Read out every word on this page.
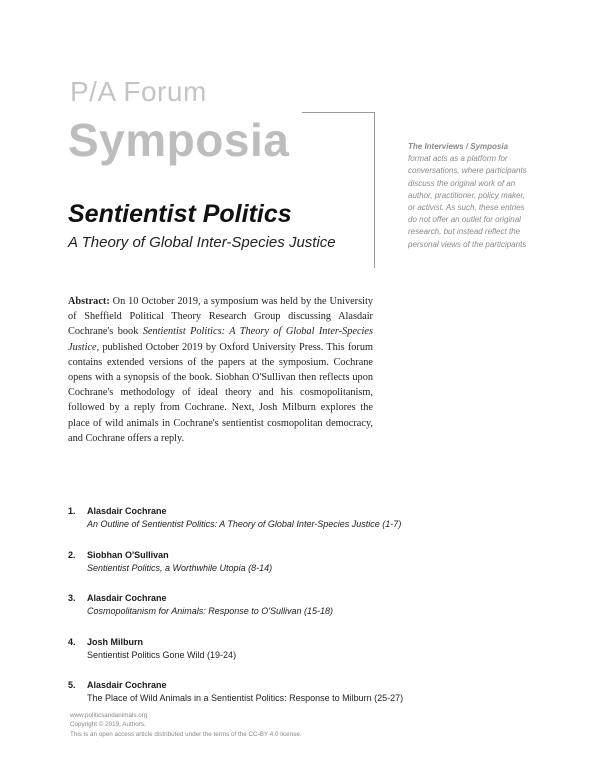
P/A Forum
Symposia	The Interviews / Symposia format acts as a platform for conversations, where participants discuss the original work of an author, practitioner, policy maker, or activist. As such, these entries do not offer an outlet for original research, but instead reflect the personal views of the participants
Sentientist Politics
A Theory of Global Inter-Species Justice
Abstract: On 10 October 2019, a symposium was held by the University of Sheffield Political Theory Research Group discussing Alasdair Cochrane's book Sentientist Politics: A Theory of Global Inter-Species Justice, published October 2019 by Oxford University Press. This forum contains extended versions of the papers at the symposium. Cochrane opens with a synopsis of the book. Siobhan O'Sullivan then reflects upon Cochrane's methodology of ideal theory and his cosmopolitanism, followed by a reply from Cochrane. Next, Josh Milburn explores the place of wild animals in Cochrane's sentientist cosmopolitan democracy, and Cochrane offers a reply.
1. Alasdair Cochrane
An Outline of Sentientist Politics: A Theory of Global Inter-Species Justice (1-7)
2. Siobhan O'Sullivan
Sentientist Politics, a Worthwhile Utopia (8-14)
3. Alasdair Cochrane
Cosmopolitanism for Animals: Response to O'Sullivan (15-18)
4. Josh Milburn
Sentientist Politics Gone Wild (19-24)
5. Alasdair Cochrane
The Place of Wild Animals in a Sentientist Politics: Response to Milburn (25-27)
www.politicsandanimals.org
Copyright © 2019, Authors.
This is an open access article distributed under the terms of the CC-BY 4.0 license.
